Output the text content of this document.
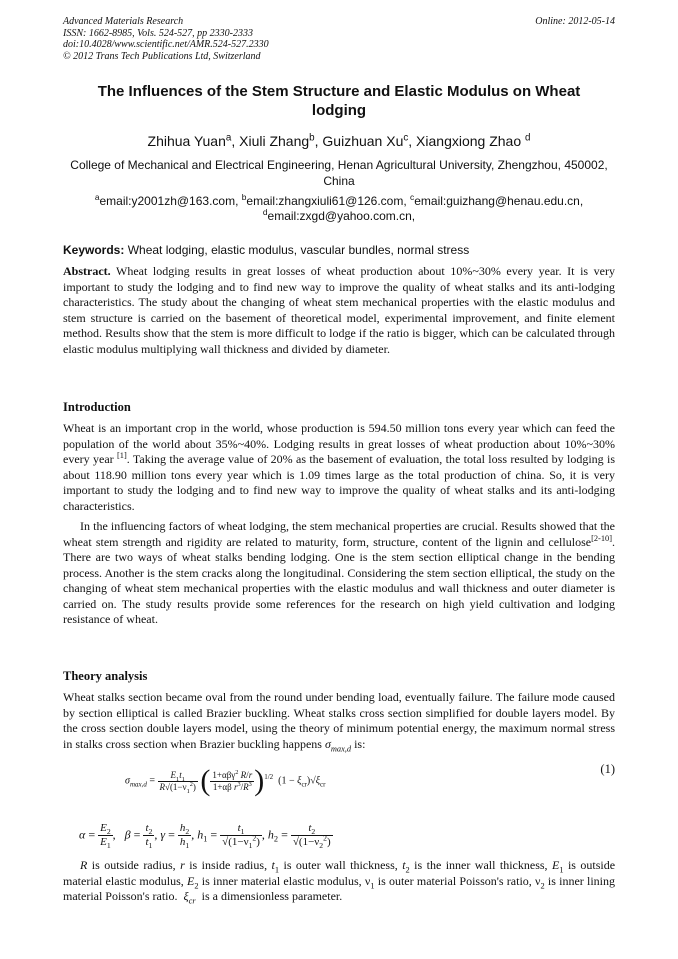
Advanced Materials Research
ISSN: 1662-8985, Vols. 524-527, pp 2330-2333
doi:10.4028/www.scientific.net/AMR.524-527.2330
© 2012 Trans Tech Publications Ltd, Switzerland
Online: 2012-05-14
The Influences of the Stem Structure and Elastic Modulus on Wheat lodging
Zhihua Yuan$^a$, Xiuli Zhang$^b$, Guizhuan Xu$^c$, Xiangxiong Zhao $^d$
College of Mechanical and Electrical Engineering, Henan Agricultural University, Zhengzhou, 450002, China
$^a$email:y2001zh@163.com, $^b$email:zhangxiuli61@126.com, $^c$email:guizhang@henau.edu.cn,
$^d$email:zxgd@yahoo.com.cn,
Keywords: Wheat lodging, elastic modulus, vascular bundles, normal stress
Abstract. Wheat lodging results in great losses of wheat production about 10%~30% every year. It is very important to study the lodging and to find new way to improve the quality of wheat stalks and its anti-lodging characteristics. The study about the changing of wheat stem mechanical properties with the elastic modulus and stem structure is carried on the basement of theoretical model, experimental improvement, and finite element method. Results show that the stem is more difficult to lodge if the ratio is bigger, which can be calculated through elastic modulus multiplying wall thickness and divided by diameter.
Introduction
Wheat is an important crop in the world, whose production is 594.50 million tons every year which can feed the population of the world about 35%~40%. Lodging results in great losses of wheat production about 10%~30% every year [1]. Taking the average value of 20% as the basement of evaluation, the total loss resulted by lodging is about 118.90 million tons every year which is 1.09 times large as the total production of china. So, it is very important to study the lodging and to find new way to improve the quality of wheat stalks and its anti-lodging characteristics.
In the influencing factors of wheat lodging, the stem mechanical properties are crucial. Results showed that the wheat stem strength and rigidity are related to maturity, form, structure, content of the lignin and cellulose[2-10]. There are two ways of wheat stalks bending lodging. One is the stem section elliptical change in the bending process. Another is the stem cracks along the longitudinal. Considering the stem section elliptical, the study on the changing of wheat stem mechanical properties with the elastic modulus and wall thickness and outer diameter is carried on. The study results provide some references for the research on high yield cultivation and lodging resistance of wheat.
Theory analysis
Wheat stalks section became oval from the round under bending load, eventually failure. The failure mode caused by section elliptical is called Brazier buckling. Wheat stalks cross section simplified for double layers model. By the cross section double layers model, using the theory of minimum potential energy, the maximum normal stress in stalks cross section when Brazier buckling happens $\sigma_{max,d}$ is:
$\sigma_{max,d} = \frac{E_1t_1}{R√(1-\nu_1^2)}$ ( $\frac{1+\alpha\beta\gamma^2 R/r}{1+\alpha\beta r^3/R^3} )^{1/2}$  $(1 - \xi_{cr})√\xi_{cr}$
(1)
$\alpha = \frac{E_2}{E_1}$ ,   $\beta = \frac{t_2}{t_1}$ , $\gamma = \frac{h_2}{h_1}$ , $h_1 = \frac{t_1}{√(1-\nu_1^2)}$ , $h_2 = \frac{t_2}{√(1-\nu_2^2)}$
R is outside radius, r is inside radius, $t_1$ is outer wall thickness, $t_2$ is the inner wall thickness, $E_1$ is outside material elastic modulus, $E_2$ is inner material elastic modulus, $\nu_1$ is outer material Poisson's ratio, $\nu_2$ is inner lining material Poisson's ratio. $\xi_{cr}$ is a dimensionless parameter.
